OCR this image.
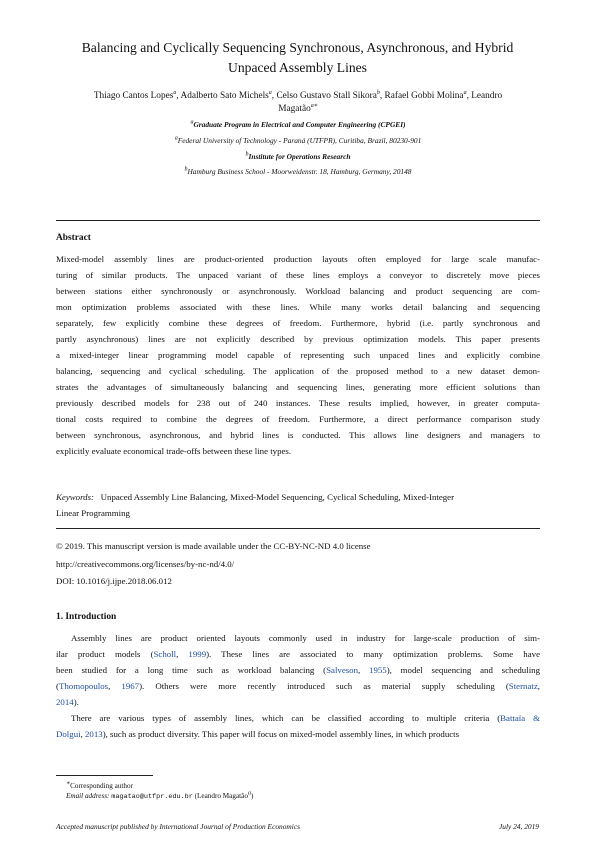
Balancing and Cyclically Sequencing Synchronous, Asynchronous, and Hybrid
Unpaced Assembly Lines
Thiago Cantos Lopes$^a$, Adalberto Sato Michels$^a$, Celso Gustavo Stall Sikora$^b$, Rafael Gobbi Molina$^a$, Leandro
Magatão$^{a∗}$
$^a$Graduate Program in Electrical and Computer Engineering (CPGEI)
$^a$Federal University of Technology - Paraná (UTFPR), Curitiba, Brazil, 80230-901
$^b$Institute for Operations Research
$^b$Hamburg Business School - Moorweidenstr. 18, Hamburg, Germany, 20148
Abstract
Mixed-model assembly lines are product-oriented production layouts often employed for large scale manufac-
turing of similar products. The unpaced variant of these lines employs a conveyor to discretely move pieces
between stations either synchronously or asynchronously. Workload balancing and product sequencing are com-
mon optimization problems associated with these lines. While many works detail balancing and sequencing
separately, few explicitly combine these degrees of freedom. Furthermore, hybrid (i.e. partly synchronous and
partly asynchronous) lines are not explicitly described by previous optimization models. This paper presents
a mixed-integer linear programming model capable of representing such unpaced lines and explicitly combine
balancing, sequencing and cyclical scheduling. The application of the proposed method to a new dataset demon-
strates the advantages of simultaneously balancing and sequencing lines, generating more efficient solutions than
previously described models for 238 out of 240 instances. These results implied, however, in greater computa-
tional costs required to combine the degrees of freedom. Furthermore, a direct performance comparison study
between synchronous, asynchronous, and hybrid lines is conducted. This allows line designers and managers to
explicitly evaluate economical trade-offs between these line types.
Keywords: Unpaced Assembly Line Balancing, Mixed-Model Sequencing, Cyclical Scheduling, Mixed-Integer
Linear Programming
© 2019. This manuscript version is made available under the CC-BY-NC-ND 4.0 license
http://creativecommons.org/licenses/by-nc-nd/4.0/
DOI: 10.1016/j.ijpe.2018.06.012
1. Introduction
Assembly lines are product oriented layouts commonly used in industry for large-scale production of sim-
ilar product models (Scholl, 1999). These lines are associated to many optimization problems. Some have
been studied for a long time such as workload balancing (Salveson, 1955), model sequencing and scheduling
(Thomopoulos, 1967). Others were more recently introduced such as material supply scheduling (Sternatz,
2014).
There are various types of assembly lines, which can be classified according to multiple criteria (Battaïa &
Dolgui, 2013), such as product diversity. This paper will focus on mixed-model assembly lines, in which products
∗Corresponding author
Email address: magatao@utfpr.edu.br (Leandro Magatão$^a$)
Accepted manuscript published by International Journal of Production Economics	July 24, 2019
